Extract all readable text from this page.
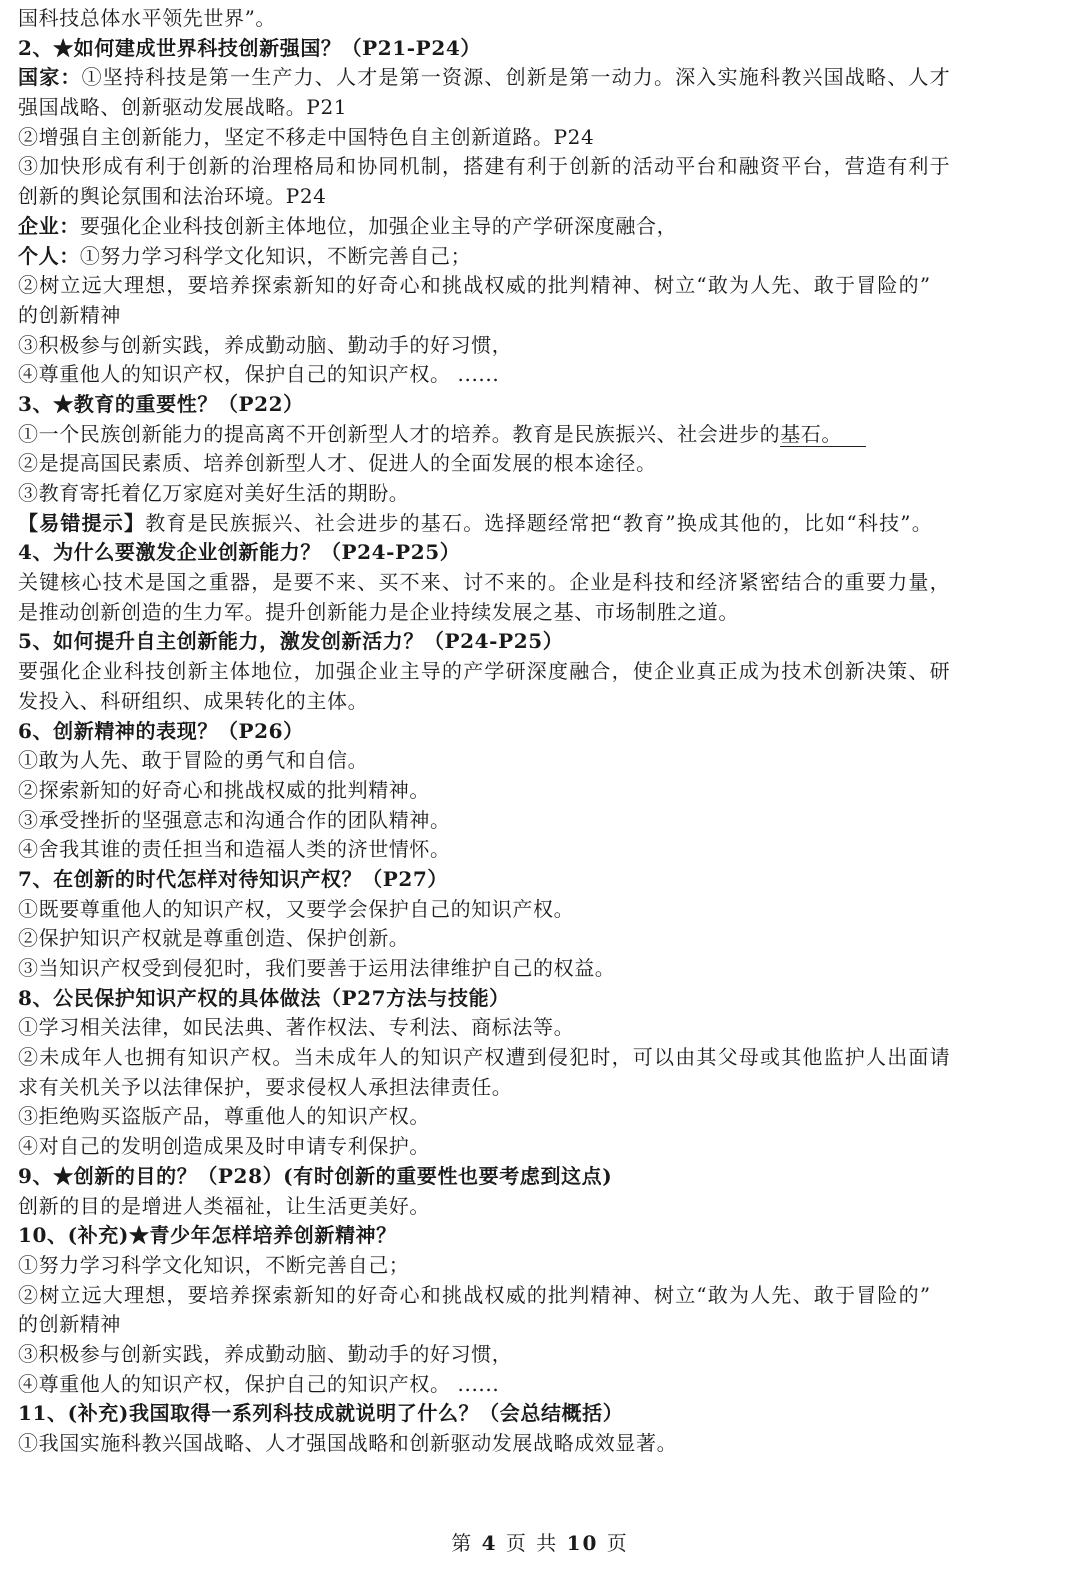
国科技总体水平领先世界”。
2、★如何建成世界科技创新强国？（P21-P24）
国家：①坚持科技是第一生产力、人才是第一资源、创新是第一动力。深入实施科教兴国战略、人才
强国战略、创新驱动发展战略。P21
②增强自主创新能力，坚定不移走中国特色自主创新道路。P24
③加快形成有利于创新的治理格局和协同机制，搭建有利于创新的活动平台和融资平台，营造有利于
创新的舆论氛围和法治环境。P24
企业：要强化企业科技创新主体地位，加强企业主导的产学研深度融合，
个人：①努力学习科学文化知识，不断完善自己；
②树立远大理想，要培养探索新知的好奇心和挑战权威的批判精神、树立“敢为人先、敢于冒险的”
的创新精神
③积极参与创新实践，养成勤动脑、勤动手的好习惯，
④尊重他人的知识产权，保护自己的知识产权。 ......
3、★教育的重要性？（P22）
①一个民族创新能力的提高离不开创新型人才的培养。教育是民族振兴、社会进步的基石。
②是提高国民素质、培养创新型人才、促进人的全面发展的根本途径。
③教育寄托着亿万家庭对美好生活的期盼。
【易错提示】教育是民族振兴、社会进步的基石。选择题经常把“教育”换成其他的，比如“科技”。
4、为什么要激发企业创新能力？（P24-P25）
关键核心技术是国之重器，是要不来、买不来、讨不来的。企业是科技和经济紧密结合的重要力量，
是推动创新创造的生力军。提升创新能力是企业持续发展之基、市场制胜之道。
5、如何提升自主创新能力，激发创新活力？（P24-P25）
要强化企业科技创新主体地位，加强企业主导的产学研深度融合，使企业真正成为技术创新决策、研
发投入、科研组织、成果转化的主体。
6、创新精神的表现？（P26）
①敢为人先、敢于冒险的勇气和自信。
②探索新知的好奇心和挑战权威的批判精神。
③承受挫折的坚强意志和沟通合作的团队精神。
④舍我其谁的责任担当和造福人类的济世情怀。
7、在创新的时代怎样对待知识产权？（P27）
①既要尊重他人的知识产权，又要学会保护自己的知识产权。
②保护知识产权就是尊重创造、保护创新。
③当知识产权受到侵犯时，我们要善于运用法律维护自己的权益。
8、公民保护知识产权的具体做法（P27方法与技能）
①学习相关法律，如民法典、著作权法、专利法、商标法等。
②未成年人也拥有知识产权。当未成年人的知识产权遭到侵犯时，可以由其父母或其他监护人出面请
求有关机关予以法律保护，要求侵权人承担法律责任。
③拒绝购买盗版产品，尊重他人的知识产权。
④对自己的发明创造成果及时申请专利保护。
9、★创新的目的？（P28）(有时创新的重要性也要考虑到这点)
创新的目的是增进人类福祉，让生活更美好。
10、(补充)★青少年怎样培养创新精神？
①努力学习科学文化知识，不断完善自己；
②树立远大理想，要培养探索新知的好奇心和挑战权威的批判精神、树立“敢为人先、敢于冒险的”
的创新精神
③积极参与创新实践，养成勤动脑、勤动手的好习惯，
④尊重他人的知识产权，保护自己的知识产权。 ......
11、(补充)我国取得一系列科技成就说明了什么？（会总结概括）
①我国实施科教兴国战略、人才强国战略和创新驱动发展战略成效显著。
第 4 页 共 10 页
